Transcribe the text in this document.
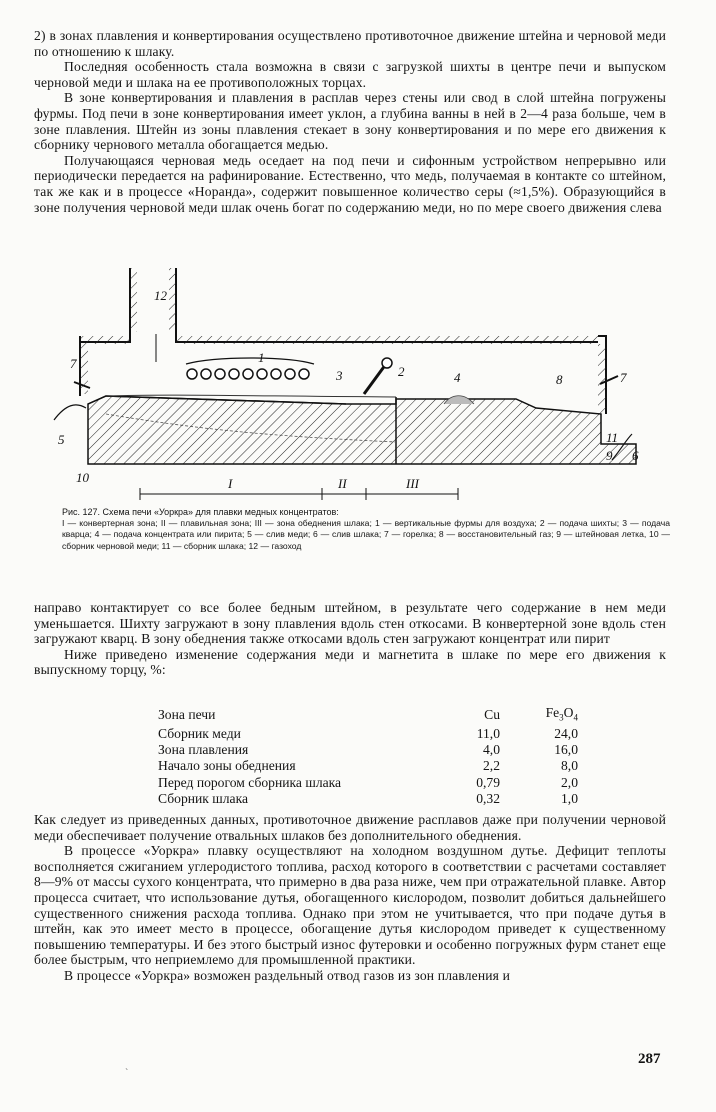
2) в зонах плавления и конвертирования осуществлено противоточное движение штейна и черновой меди по отношению к шлаку.

Последняя особенность стала возможна в связи с загрузкой шихты в центре печи и выпуском черновой меди и шлака на ее противоположных торцах.

В зоне конвертирования и плавления в расплав через стены или свод в слой штейна погружены фурмы. Под печи в зоне конвертирования имеет уклон, а глубина ванны в ней в 2—4 раза больше, чем в зоне плавления. Штейн из зоны плавления стекает в зону конвертирования и по мере его движения к сборнику чернового металла обогащается медью.

Получающаяся черновая медь оседает на под печи и сифонным устройством непрерывно или периодически передается на рафинирование. Естественно, что медь, получаемая в контакте со штейном, так же как и в процессе «Норанда», содержит повышенное количество серы (≈1,5%). Образующийся в зоне получения черновой меди шлак очень богат по содержанию меди, но по мере своего движения слева

12
7	1
3	2	4	8	7
5
10
11
9 6
I	II	III
Рис. 127. Схема печи «Уоркра» для плавки медных концентратов:
I — конвертерная зона; II — плавильная зона; III — зона обеднения шлака; 1 — вертикальные фурмы для воздуха; 2 — подача шихты; 3 — подача кварца; 4 — подача концентрата или пирита; 5 — слив меди; 6 — слив шлака; 7 — горелка; 8 — восстановительный газ; 9 — штейновая летка, 10 — сборник черновой меди; 11 — сборник шлака; 12 — газоход

направо контактирует со все более бедным штейном, в результате чего содержание в нем меди уменьшается. Шихту загружают в зону плавления вдоль стен откосами. В конвертерной зоне вдоль стен загружают кварц. В зону обеднения также откосами вдоль стен загружают концентрат или пирит

Ниже приведено изменение содержания меди и магнетита в шлаке по мере его движения к выпускному торцу, %:

Зона печи	Cu	$Fe_3O_4$
Сборник меди	11,0	24,0
Зона плавления	4,0	16,0
Начало зоны обеднения	2,2	8,0
Перед порогом сборника шлака	0,79	2,0
Сборник шлака	0,32	1,0

Как следует из приведенных данных, противоточное движение расплавов даже при получении черновой меди обеспечивает получение отвальных шлаков без дополнительного обеднения.

В процессе «Уоркра» плавку осуществляют на холодном воздушном дутье. Дефицит теплоты восполняется сжиганием углеродистого топлива, расход которого в соответствии с расчетами составляет 8—9% от массы сухого концентрата, что примерно в два раза ниже, чем при отражательной плавке. Автор процесса считает, что использование дутья, обогащенного кислородом, позволит добиться дальнейшего существенного снижения расхода топлива. Однако при этом не учитывается, что при подаче дутья в штейн, как это имеет место в процессе, обогащение дутья кислородом приведет к существенному повышению температуры. И без этого быстрый износ футеровки и особенно погружных фурм станет еще более быстрым, что неприемлемо для промышленной практики.

В процессе «Уоркра» возможен раздельный отвод газов из зон плавления и

ˋ
287
